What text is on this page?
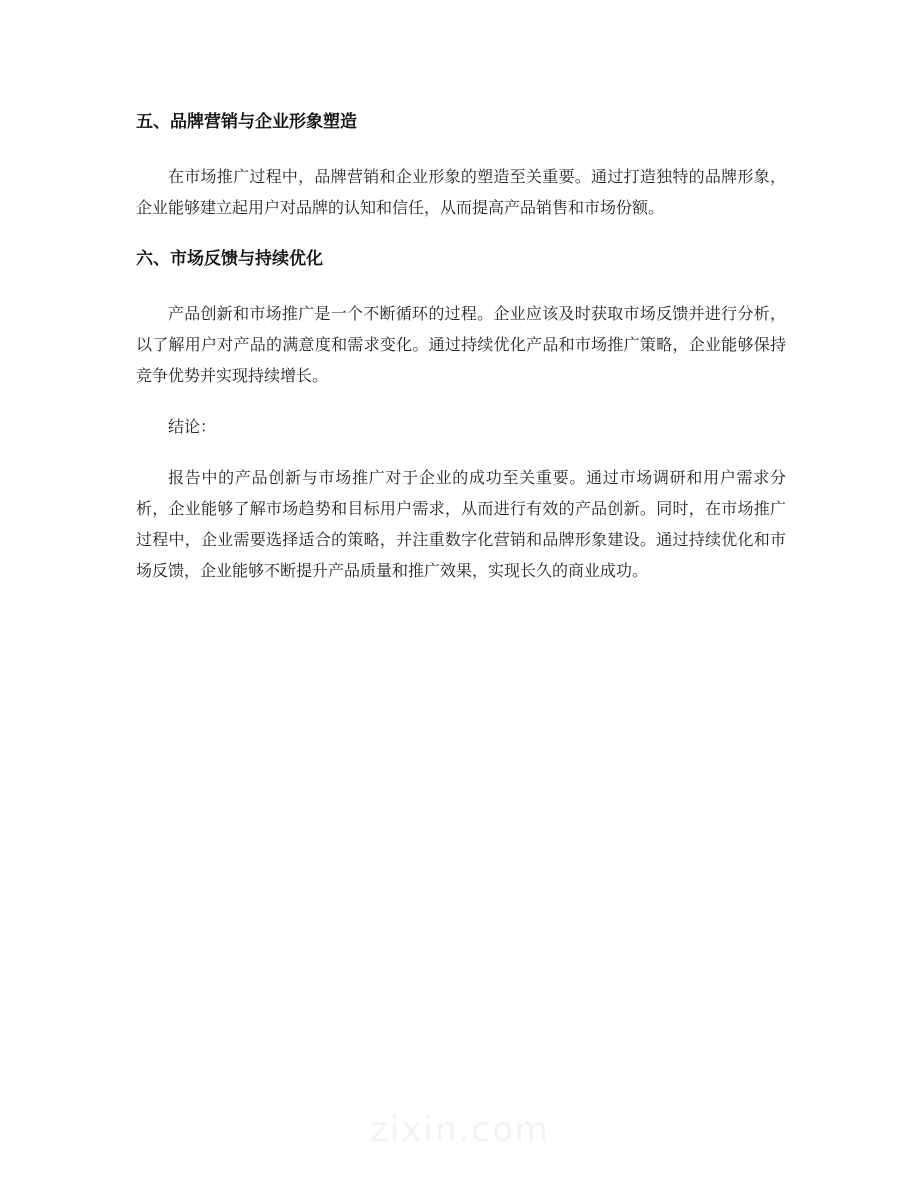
五、品牌营销与企业形象塑造

在市场推广过程中，品牌营销和企业形象的塑造至关重要。通过打造独特的品牌形象，企业能够建立起用户对品牌的认知和信任，从而提高产品销售和市场份额。

六、市场反馈与持续优化

产品创新和市场推广是一个不断循环的过程。企业应该及时获取市场反馈并进行分析，以了解用户对产品的满意度和需求变化。通过持续优化产品和市场推广策略，企业能够保持竞争优势并实现持续增长。

结论：

报告中的产品创新与市场推广对于企业的成功至关重要。通过市场调研和用户需求分析，企业能够了解市场趋势和目标用户需求，从而进行有效的产品创新。同时，在市场推广过程中，企业需要选择适合的策略，并注重数字化营销和品牌形象建设。通过持续优化和市场反馈，企业能够不断提升产品质量和推广效果，实现长久的商业成功。

zixin.com
